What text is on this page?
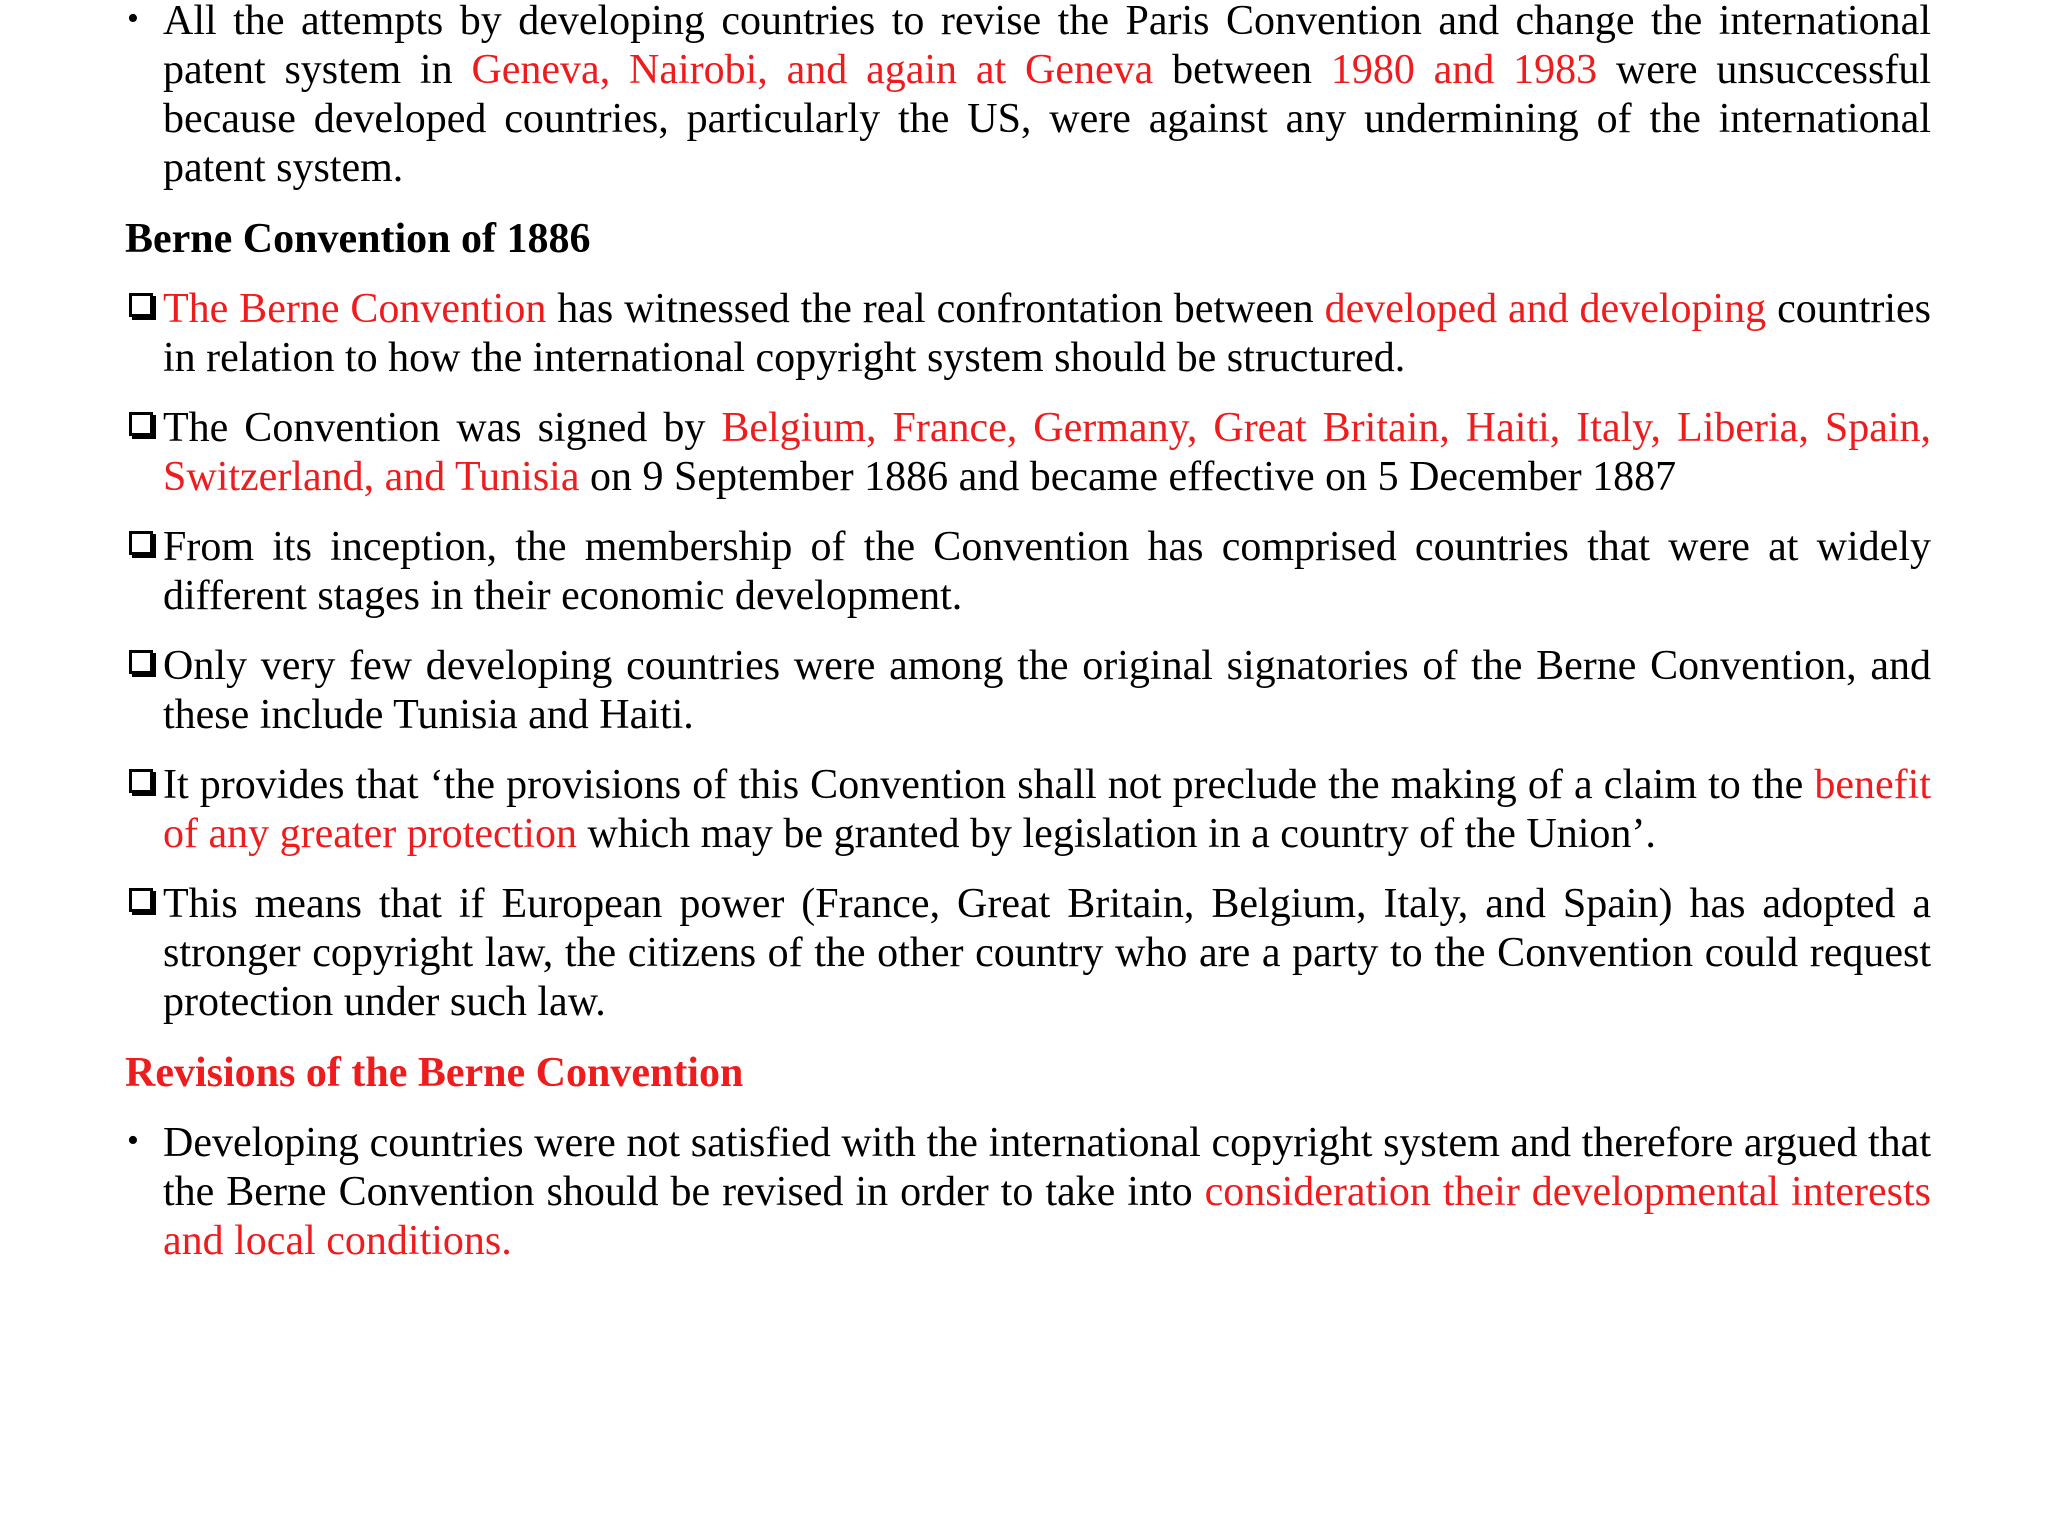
• All the attempts by developing countries to revise the Paris Convention and change the international patent system in Geneva, Nairobi, and again at Geneva between 1980 and 1983 were unsuccessful because developed countries, particularly the US, were against any undermining of the international patent system.

Berne Convention of 1886

The Berne Convention has witnessed the real confrontation between developed and developing countries in relation to how the international copyright system should be structured.

The Convention was signed by Belgium, France, Germany, Great Britain, Haiti, Italy, Liberia, Spain, Switzerland, and Tunisia on 9 September 1886 and became effective on 5 December 1887

From its inception, the membership of the Convention has comprised countries that were at widely different stages in their economic development.

Only very few developing countries were among the original signatories of the Berne Convention, and these include Tunisia and Haiti.

It provides that ‘the provisions of this Convention shall not preclude the making of a claim to the benefit of any greater protection which may be granted by legislation in a country of the Union’.

This means that if European power (France, Great Britain, Belgium, Italy, and Spain) has adopted a stronger copyright law, the citizens of the other country who are a party to the Convention could request protection under such law.

Revisions of the Berne Convention

• Developing countries were not satisfied with the international copyright system and therefore argued that the Berne Convention should be revised in order to take into consideration their developmental interests and local conditions.
